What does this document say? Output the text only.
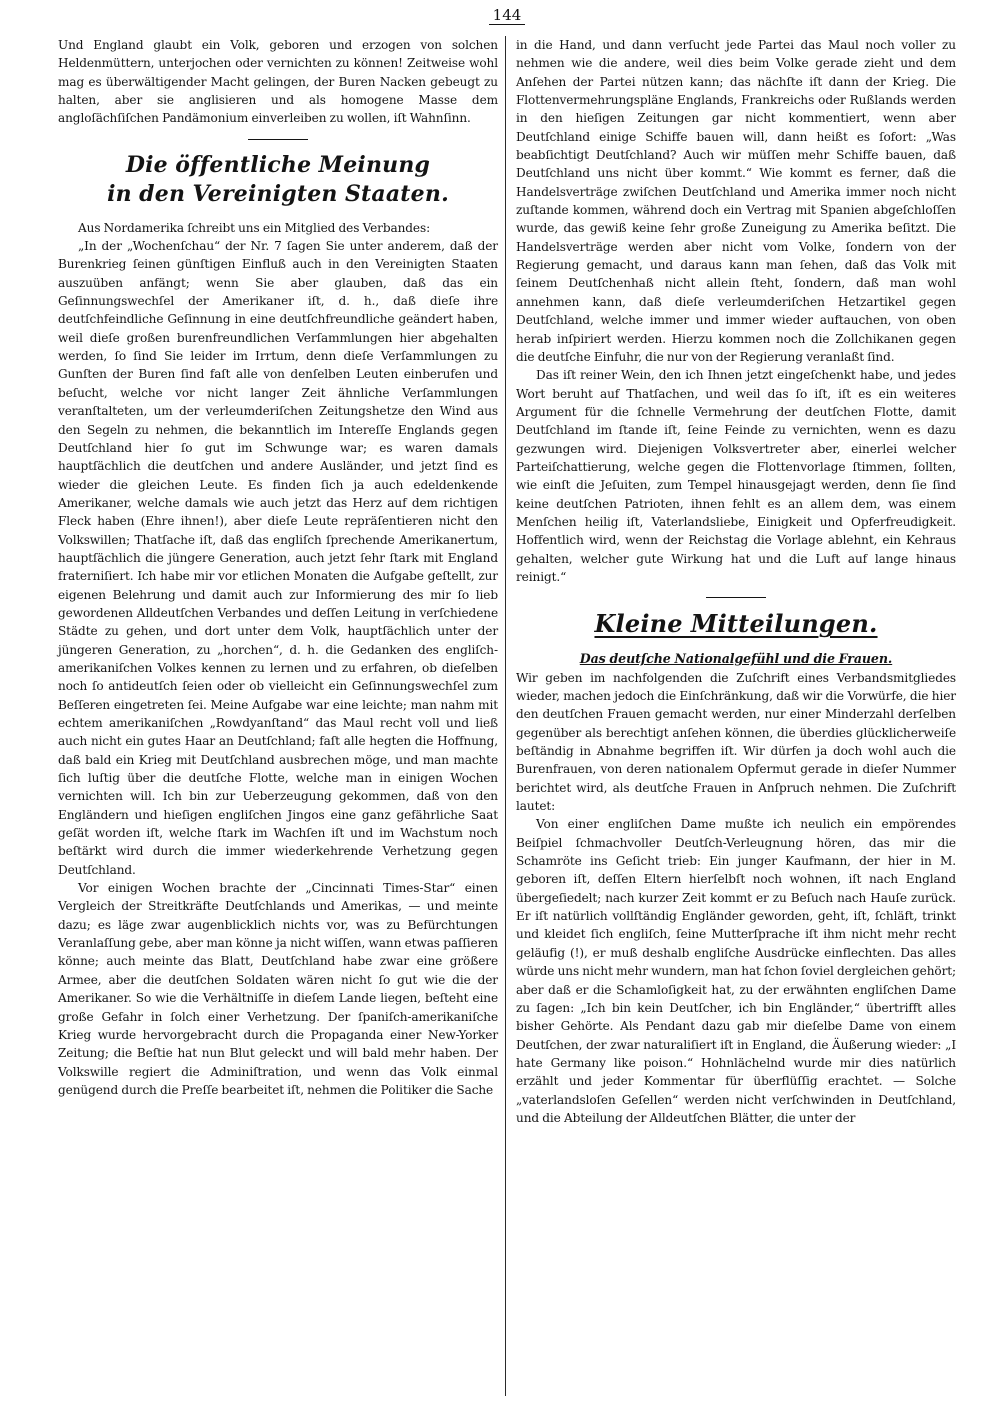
144

Und England glaubt ein Volk, geboren und erzogen von solchen Heldenmüttern, unterjochen oder vernichten zu können! Zeitweise wohl mag es überwältigender Macht gelingen, der Buren Nacken gebeugt zu halten, aber sie anglisieren und als homogene Masse dem angloſächſiſchen Pandämonium einverleiben zu wollen, iſt Wahnſinn.

Die öffentliche Meinung
in den Vereinigten Staaten.

Aus Nordamerika ſchreibt uns ein Mitglied des Verbandes:

„In der „Wochenſchau“ der Nr. 7 ſagen Sie unter anderem, daß der Burenkrieg ſeinen günſtigen Einfluß auch in den Vereinigten Staaten auszuüben anfängt; wenn Sie aber glauben, daß das ein Geſinnungswechſel der Amerikaner iſt, d. h., daß dieſe ihre deutſchfeindliche Geſinnung in eine deutſchfreundliche geändert haben, weil dieſe großen burenfreundlichen Verſammlungen hier abgehalten werden, ſo ſind Sie leider im Irrtum, denn dieſe Verſammlungen zu Gunſten der Buren ſind faſt alle von denſelben Leuten einberufen und beſucht, welche vor nicht langer Zeit ähnliche Verſammlungen veranſtalteten, um der verleumderiſchen Zeitungshetze den Wind aus den Segeln zu nehmen, die bekanntlich im Intereſſe Englands gegen Deutſchland hier ſo gut im Schwunge war; es waren damals hauptſächlich die deutſchen und andere Ausländer, und jetzt ſind es wieder die gleichen Leute. Es finden ſich ja auch edeldenkende Amerikaner, welche damals wie auch jetzt das Herz auf dem richtigen Fleck haben (Ehre ihnen!), aber dieſe Leute repräſentieren nicht den Volkswillen; Thatſache iſt, daß das engliſch ſprechende Amerikanertum, hauptſächlich die jüngere Generation, auch jetzt ſehr ſtark mit England fraterniſiert. Ich habe mir vor etlichen Monaten die Aufgabe geſtellt, zur eigenen Belehrung und damit auch zur Informierung des mir ſo lieb gewordenen Alldeutſchen Verbandes und deſſen Leitung in verſchiedene Städte zu gehen, und dort unter dem Volk, hauptſächlich unter der jüngeren Generation, zu „horchen“, d. h. die Gedanken des engliſch-amerikaniſchen Volkes kennen zu lernen und zu erfahren, ob dieſelben noch ſo antideutſch ſeien oder ob vielleicht ein Geſinnungswechſel zum Beſſeren eingetreten ſei. Meine Aufgabe war eine leichte; man nahm mit echtem amerikaniſchen „Rowdyanſtand“ das Maul recht voll und ließ auch nicht ein gutes Haar an Deutſchland; faſt alle hegten die Hoffnung, daß bald ein Krieg mit Deutſchland ausbrechen möge, und man machte ſich luſtig über die deutſche Flotte, welche man in einigen Wochen vernichten will. Ich bin zur Ueberzeugung gekommen, daß von den Engländern und hieſigen engliſchen Jingos eine ganz gefährliche Saat geſät worden iſt, welche ſtark im Wachſen iſt und im Wachstum noch beſtärkt wird durch die immer wiederkehrende Verhetzung gegen Deutſchland.

Vor einigen Wochen brachte der „Cincinnati Times-Star“ einen Vergleich der Streitkräfte Deutſchlands und Amerikas, — und meinte dazu; es läge zwar augenblicklich nichts vor, was zu Befürchtungen Veranlaſſung gebe, aber man könne ja nicht wiſſen, wann etwas paſſieren könne; auch meinte das Blatt, Deutſchland habe zwar eine größere Armee, aber die deutſchen Soldaten wären nicht ſo gut wie die der Amerikaner. So wie die Verhältniſſe in dieſem Lande liegen, beſteht eine große Gefahr in ſolch einer Verhetzung. Der ſpaniſch-amerikaniſche Krieg wurde hervorgebracht durch die Propaganda einer New-Yorker Zeitung; die Beſtie hat nun Blut geleckt und will bald mehr haben. Der Volkswille regiert die Adminiſtration, und wenn das Volk einmal genügend durch die Preſſe bearbeitet iſt, nehmen die Politiker die Sache

in die Hand, und dann verſucht jede Partei das Maul noch voller zu nehmen wie die andere, weil dies beim Volke gerade zieht und dem Anſehen der Partei nützen kann; das nächſte iſt dann der Krieg. Die Flottenvermehrungspläne Englands, Frankreichs oder Rußlands werden in den hieſigen Zeitungen gar nicht kommentiert, wenn aber Deutſchland einige Schiffe bauen will, dann heißt es ſofort: „Was beabſichtigt Deutſchland? Auch wir müſſen mehr Schiffe bauen, daß Deutſchland uns nicht über kommt.“ Wie kommt es ferner, daß die Handelsverträge zwiſchen Deutſchland und Amerika immer noch nicht zuſtande kommen, während doch ein Vertrag mit Spanien abgeſchloſſen wurde, das gewiß keine ſehr große Zuneigung zu Amerika beſitzt. Die Handelsverträge werden aber nicht vom Volke, ſondern von der Regierung gemacht, und daraus kann man ſehen, daß das Volk mit ſeinem Deutſchenhaß nicht allein ſteht, ſondern, daß man wohl annehmen kann, daß dieſe verleumderiſchen Hetzartikel gegen Deutſchland, welche immer und immer wieder auftauchen, von oben herab inſpiriert werden. Hierzu kommen noch die Zollchikanen gegen die deutſche Einfuhr, die nur von der Regierung veranlaßt ſind.

Das iſt reiner Wein, den ich Ihnen jetzt eingeſchenkt habe, und jedes Wort beruht auf Thatſachen, und weil das ſo iſt, iſt es ein weiteres Argument für die ſchnelle Vermehrung der deutſchen Flotte, damit Deutſchland im ſtande iſt, ſeine Feinde zu vernichten, wenn es dazu gezwungen wird. Diejenigen Volksvertreter aber, einerlei welcher Parteiſchattierung, welche gegen die Flottenvorlage ſtimmen, ſollten, wie einſt die Jeſuiten, zum Tempel hinausgejagt werden, denn ſie ſind keine deutſchen Patrioten, ihnen fehlt es an allem dem, was einem Menſchen heilig iſt, Vaterlandsliebe, Einigkeit und Opferfreudigkeit. Hoffentlich wird, wenn der Reichstag die Vorlage ablehnt, ein Kehraus gehalten, welcher gute Wirkung hat und die Luft auf lange hinaus reinigt.“

Kleine Mitteilungen.

Das deutſche Nationalgefühl und die Frauen.

Wir geben im nachfolgenden die Zuſchrift eines Verbandsmitgliedes wieder, machen jedoch die Einſchränkung, daß wir die Vorwürfe, die hier den deutſchen Frauen gemacht werden, nur einer Minderzahl derſelben gegenüber als berechtigt anſehen können, die überdies glücklicherweiſe beſtändig in Abnahme begriffen iſt. Wir dürfen ja doch wohl auch die Burenfrauen, von deren nationalem Opfermut gerade in dieſer Nummer berichtet wird, als deutſche Frauen in Anſpruch nehmen. Die Zuſchrift lautet:

Von einer engliſchen Dame mußte ich neulich ein empörendes Beiſpiel ſchmachvoller Deutſch-Verleugnung hören, das mir die Schamröte ins Geſicht trieb: Ein junger Kaufmann, der hier in M. geboren iſt, deſſen Eltern hierſelbſt noch wohnen, iſt nach England übergeſiedelt; nach kurzer Zeit kommt er zu Beſuch nach Hauſe zurück. Er iſt natürlich vollſtändig Engländer geworden, geht, iſt, ſchläft, trinkt und kleidet ſich engliſch, ſeine Mutterſprache iſt ihm nicht mehr recht geläufig (!), er muß deshalb engliſche Ausdrücke einflechten. Das alles würde uns nicht mehr wundern, man hat ſchon ſoviel dergleichen gehört; aber daß er die Schamloſigkeit hat, zu der erwähnten engliſchen Dame zu ſagen: „Ich bin kein Deutſcher, ich bin Engländer,“ übertrifft alles bisher Gehörte. Als Pendant dazu gab mir dieſelbe Dame von einem Deutſchen, der zwar naturaliſiert iſt in England, die Äußerung wieder: „I hate Germany like poison.“ Hohnlächelnd wurde mir dies natürlich erzählt und jeder Kommentar für überflüſſig erachtet. — Solche „vaterlandsloſen Geſellen“ werden nicht verſchwinden in Deutſchland, und die Abteilung der Alldeutſchen Blätter, die unter der
